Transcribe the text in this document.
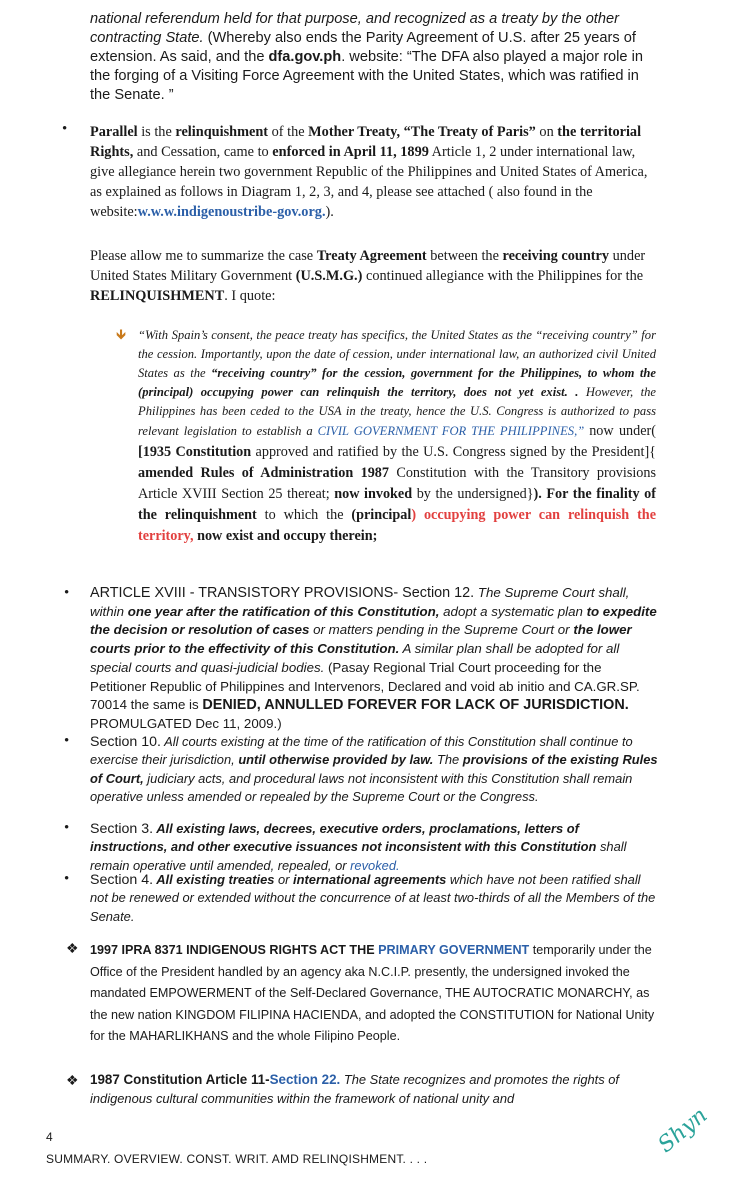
national referendum held for that purpose, and recognized as a treaty by the other contracting State. (Whereby also ends the Parity Agreement of U.S. after 25 years of extension. As said, and the dfa.gov.ph. website: “The DFA also played a major role in the forging of a Visiting Force Agreement with the United States, which was ratified in the Senate. ”
• Parallel is the relinquishment of the Mother Treaty, “The Treaty of Paris” on the territorial Rights, and Cessation, came to enforced in April 11, 1899 Article 1, 2 under international law, give allegiance herein two government Republic of the Philippines and United States of America, as explained as follows in Diagram 1, 2, 3, and 4, please see attached ( also found in the website:w.w.w.indigenoustribe-gov.org.).
Please allow me to summarize the case Treaty Agreement between the receiving country under United States Military Government (U.S.M.G.) continued allegiance with the Philippines for the RELINQUISHMENT. I quote:
🡻 “With Spain’s consent, the peace treaty has specifics, the United States as the “receiving country” for the cession. Importantly, upon the date of cession, under international law, an authorized civil United States as the “receiving country” for the cession, government for the Philippines, to whom the (principal) occupying power can relinquish the territory, does not yet exist. . However, the Philippines has been ceded to the USA in the treaty, hence the U.S. Congress is authorized to pass relevant legislation to establish a CIVIL GOVERNMENT FOR THE PHILIPPINES,” now under( [1935 Constitution approved and ratified by the U.S. Congress signed by the President]{ amended Rules of Administration 1987 Constitution with the Transitory provisions Article XVIII Section 25 thereat; now invoked by the undersigned}). For the finality of the relinquishment to which the (principal) occupying power can relinquish the territory, now exist and occupy therein;
• ARTICLE XVIII - TRANSISTORY PROVISIONS- Section 12. The Supreme Court shall, within one year after the ratification of this Constitution, adopt a systematic plan to expedite the decision or resolution of cases or matters pending in the Supreme Court or the lower courts prior to the effectivity of this Constitution. A similar plan shall be adopted for all special courts and quasi-judicial bodies. (Pasay Regional Trial Court proceeding for the Petitioner Republic of Philippines and Intervenors, Declared and void ab initio and CA.GR.SP. 70014 the same is DENIED, ANNULLED FOREVER FOR LACK OF JURISDICTION. PROMULGATED Dec 11, 2009.)
• Section 10. All courts existing at the time of the ratification of this Constitution shall continue to exercise their jurisdiction, until otherwise provided by law. The provisions of the existing Rules of Court, judiciary acts, and procedural laws not inconsistent with this Constitution shall remain operative unless amended or repealed by the Supreme Court or the Congress.
• Section 3. All existing laws, decrees, executive orders, proclamations, letters of instructions, and other executive issuances not inconsistent with this Constitution shall remain operative until amended, repealed, or revoked.
• Section 4. All existing treaties or international agreements which have not been ratified shall not be renewed or extended without the concurrence of at least two-thirds of all the Members of the Senate.
❖ 1997 IPRA 8371 INDIGENOUS RIGHTS ACT THE PRIMARY GOVERNMENT temporarily under the Office of the President handled by an agency aka N.C.I.P. presently, the undersigned invoked the mandated EMPOWERMENT of the Self-Declared Governance, THE AUTOCRATIC MONARCHY, as the new nation KINGDOM FILIPINA HACIENDA, and adopted the CONSTITUTION for National Unity for the MAHARLIKHANS and the whole Filipino People.
❖ 1987 Constitution Article 11-Section 22. The State recognizes and promotes the rights of indigenous cultural communities within the framework of national unity and
Shyn
4
SUMMARY. OVERVIEW. CONST. WRIT. AMD RELINQISHMENT. . . .
